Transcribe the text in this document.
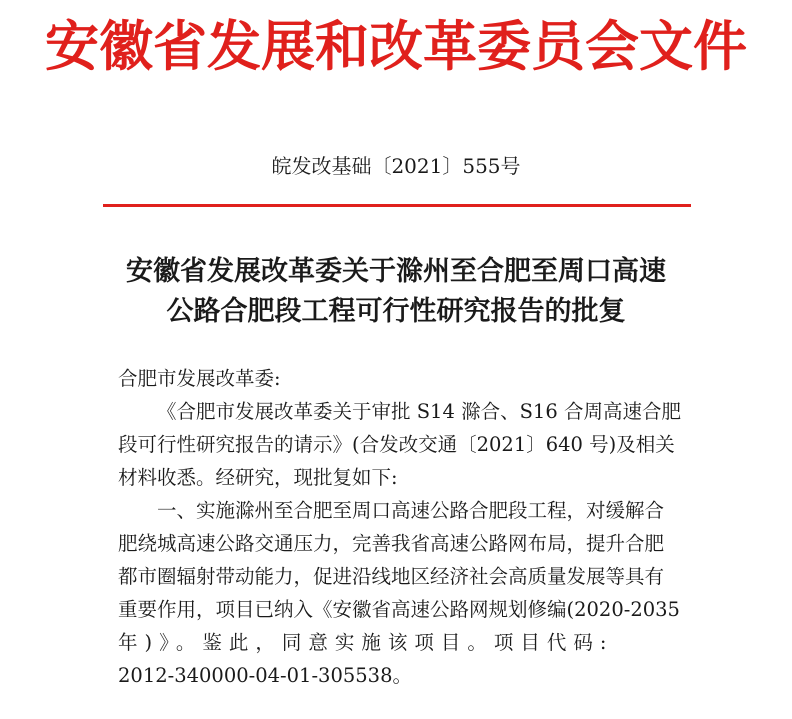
安徽省发展和改革委员会文件
皖发改基础〔2021〕555号
安徽省发展改革委关于滁州至合肥至周口高速
公路合肥段工程可行性研究报告的批复

合肥市发展改革委:

《合肥市发展改革委关于审批 S14 滁合、S16 合周高速合肥
段可行性研究报告的请示》(合发改交通〔2021〕640 号)及相关
材料收悉。经研究，现批复如下:

一、实施滁州至合肥至周口高速公路合肥段工程，对缓解合
肥绕城高速公路交通压力，完善我省高速公路网布局，提升合肥
都市圈辐射带动能力，促进沿线地区经济社会高质量发展等具有
重要作用，项目已纳入《安徽省高速公路网规划修编(2020-2035
年)》。鉴此，同意实施该项目。项目代码:
2012-340000-04-01-305538。
